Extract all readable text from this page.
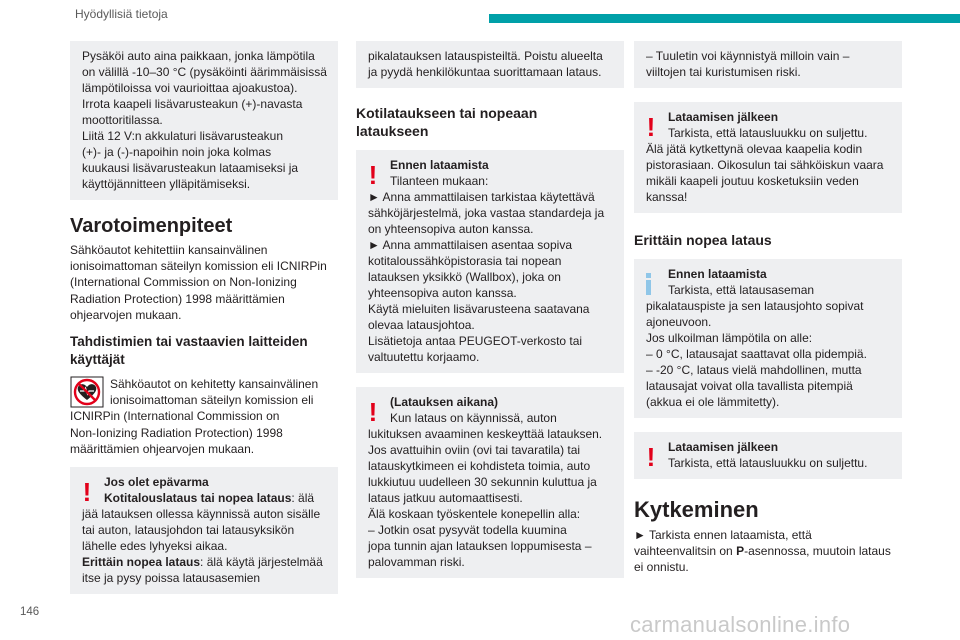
Hyödyllisiä tietoja

Pysäköi auto aina paikkaan, jonka lämpötila

on välillä -10–30 °C (pysäköinti äärimmäisissä

lämpötiloissa voi vaurioittaa ajoakustoa).

Irrota kaapeli lisävarusteakun (+)-navasta

moottoritilassa.

Liitä 12 V:n akkulaturi lisävarusteakun

(+)- ja (-)-napoihin noin joka kolmas

kuukausi lisävarusteakun lataamiseksi ja

käyttöjännitteen ylläpitämiseksi.

Varotoimenpiteet

Sähköautot kehitettiin kansainvälinen

ionisoimattoman säteilyn komission eli ICNIRPin

(International Commission on Non-Ionizing

Radiation Protection) 1998 määrittämien

ohjearvojen mukaan.

Tahdistimien tai vastaavien laitteiden
käyttäjät

Sähköautot on kehitetty kansainvälinen

ionisoimattoman säteilyn komission eli

ICNIRPin (International Commission on

Non-Ionizing Radiation Protection) 1998

määrittämien ohjearvojen mukaan.

!	Jos olet epävarma

Kotitalouslataus tai nopea lataus: älä

jää latauksen ollessa käynnissä auton sisälle

tai auton, latausjohdon tai latausyksikön

lähelle edes lyhyeksi aikaa.

Erittäin nopea lataus: älä käytä järjestelmää

itse ja pysy poissa latausasemien

pikalatauksen latauspisteiltä. Poistu alueelta

ja pyydä henkilökuntaa suorittamaan lataus.

Kotilataukseen tai nopeaan
lataukseen
!	Ennen lataamista

Tilanteen mukaan:

► Anna ammattilaisen tarkistaa käytettävä

sähköjärjestelmä, joka vastaa standardeja ja

on yhteensopiva auton kanssa.

► Anna ammattilaisen asentaa sopiva

kotitaloussähköpistorasia tai nopean

latauksen yksikkö (Wallbox), joka on

yhteensopiva auton kanssa.

Käytä mieluiten lisävarusteena saatavana

olevaa latausjohtoa.

Lisätietoja antaa PEUGEOT-verkosto tai

valtuutettu korjaamo.

!	(Latauksen aikana)

Kun lataus on käynnissä, auton

lukituksen avaaminen keskeyttää latauksen.

Jos avattuihin oviin (ovi tai tavaratila) tai

latauskytkimeen ei kohdisteta toimia, auto

lukkiutuu uudelleen 30 sekunnin kuluttua ja

lataus jatkuu automaattisesti.

Älä koskaan työskentele konepellin alla:

– Jotkin osat pysyvät todella kuumina

jopa tunnin ajan latauksen loppumisesta –

palovamman riski.

– Tuuletin voi käynnistyä milloin vain –

viiltojen tai kuristumisen riski.

!	Lataamisen jälkeen

Tarkista, että latausluukku on suljettu.

Älä jätä kytkettynä olevaa kaapelia kodin

pistorasiaan. Oikosulun tai sähköiskun vaara

mikäli kaapeli joutuu kosketuksiin veden

kanssa!

Erittäin nopea lataus

Ennen lataamista

Tarkista, että latausaseman

pikalatauspiste ja sen latausjohto sopivat

ajoneuvoon.

Jos ulkoilman lämpötila on alle:

– 0 °C, latausajat saattavat olla pidempiä.

– -20 °C, lataus vielä mahdollinen, mutta

latausajat voivat olla tavallista pitempiä

(akkua ei ole lämmitetty).

!	Lataamisen jälkeen

Tarkista, että latausluukku on suljettu.

Kytkeminen

► Tarkista ennen lataamista, että

vaihteenvalitsin on P-asennossa, muutoin lataus

ei onnistu.

146	carmanualsonline.info
